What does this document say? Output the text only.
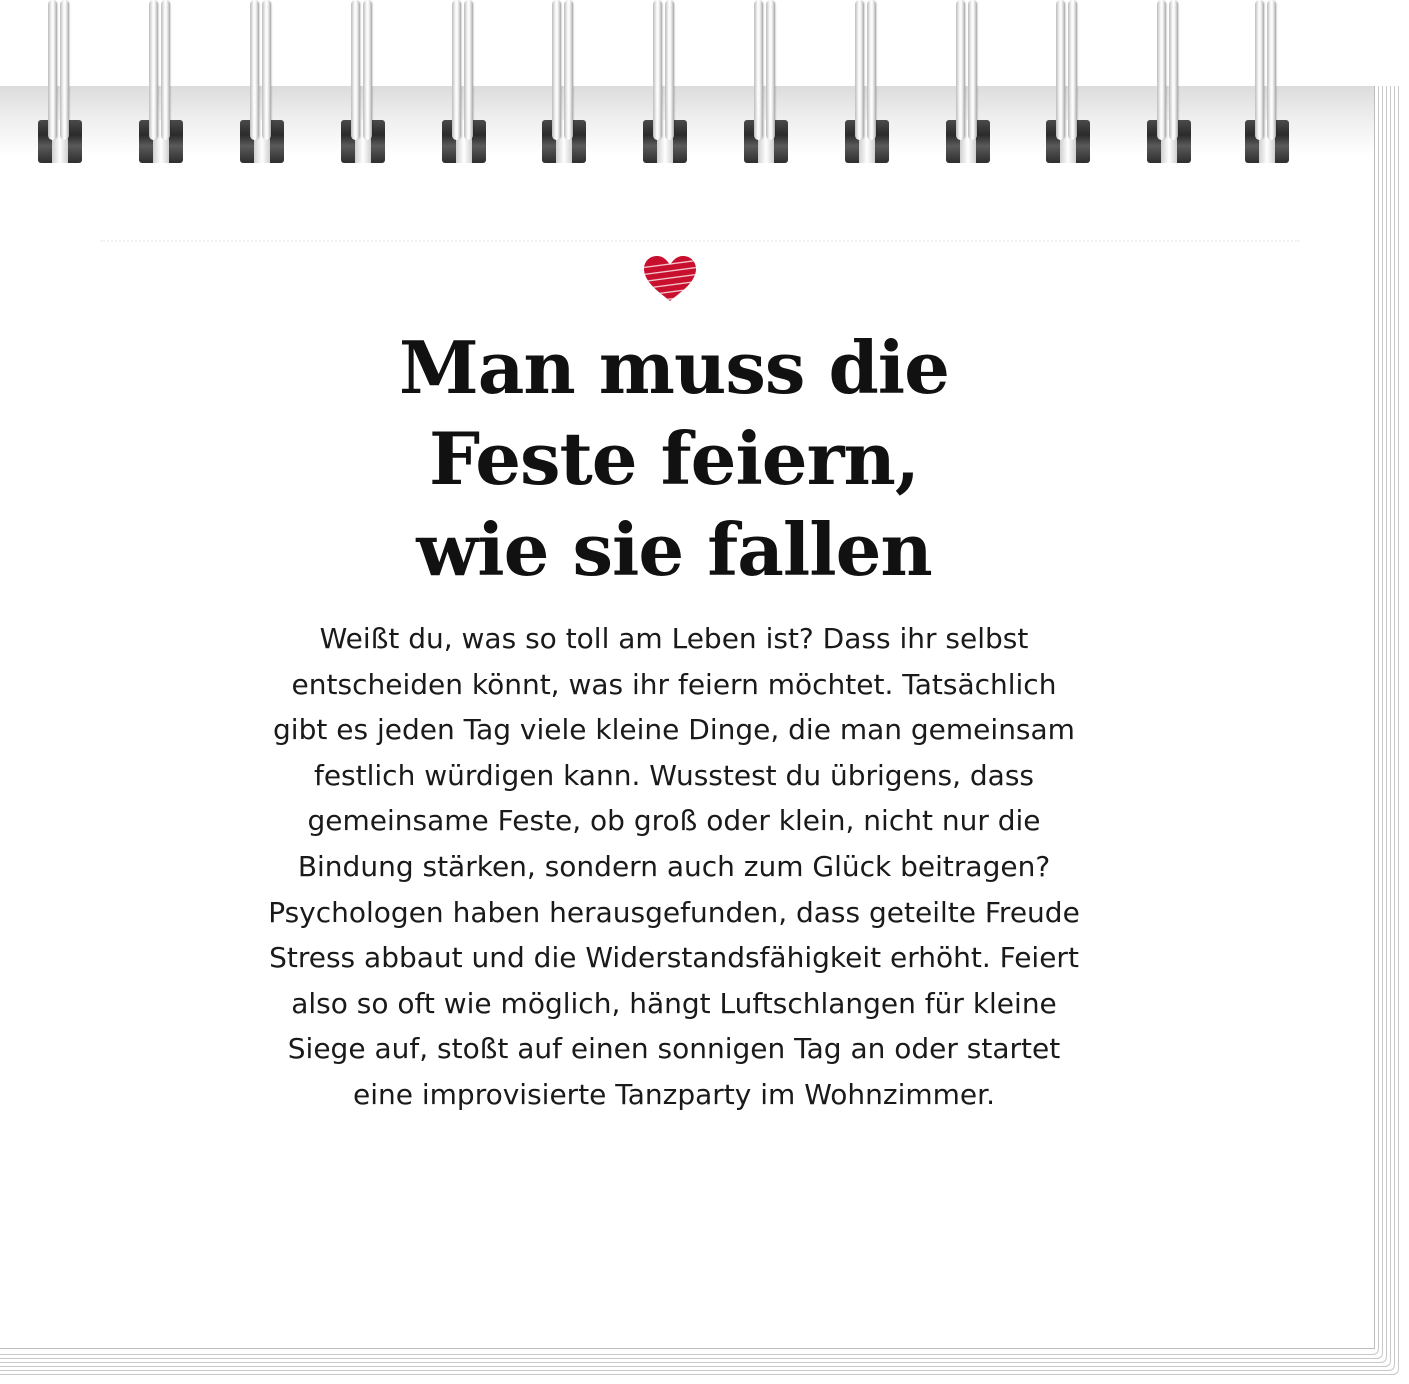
Man muss die
Feste feiern,
wie sie fallen

Weißt du, was so toll am Leben ist? Dass ihr selbst
entscheiden könnt, was ihr feiern möchtet. Tatsächlich
gibt es jeden Tag viele kleine Dinge, die man gemeinsam
festlich würdigen kann. Wusstest du übrigens, dass
gemeinsame Feste, ob groß oder klein, nicht nur die
Bindung stärken, sondern auch zum Glück beitragen?
Psychologen haben herausgefunden, dass geteilte Freude
Stress abbaut und die Widerstandsfähigkeit erhöht. Feiert
also so oft wie möglich, hängt Luftschlangen für kleine
Siege auf, stoßt auf einen sonnigen Tag an oder startet
eine improvisierte Tanzparty im Wohnzimmer.
